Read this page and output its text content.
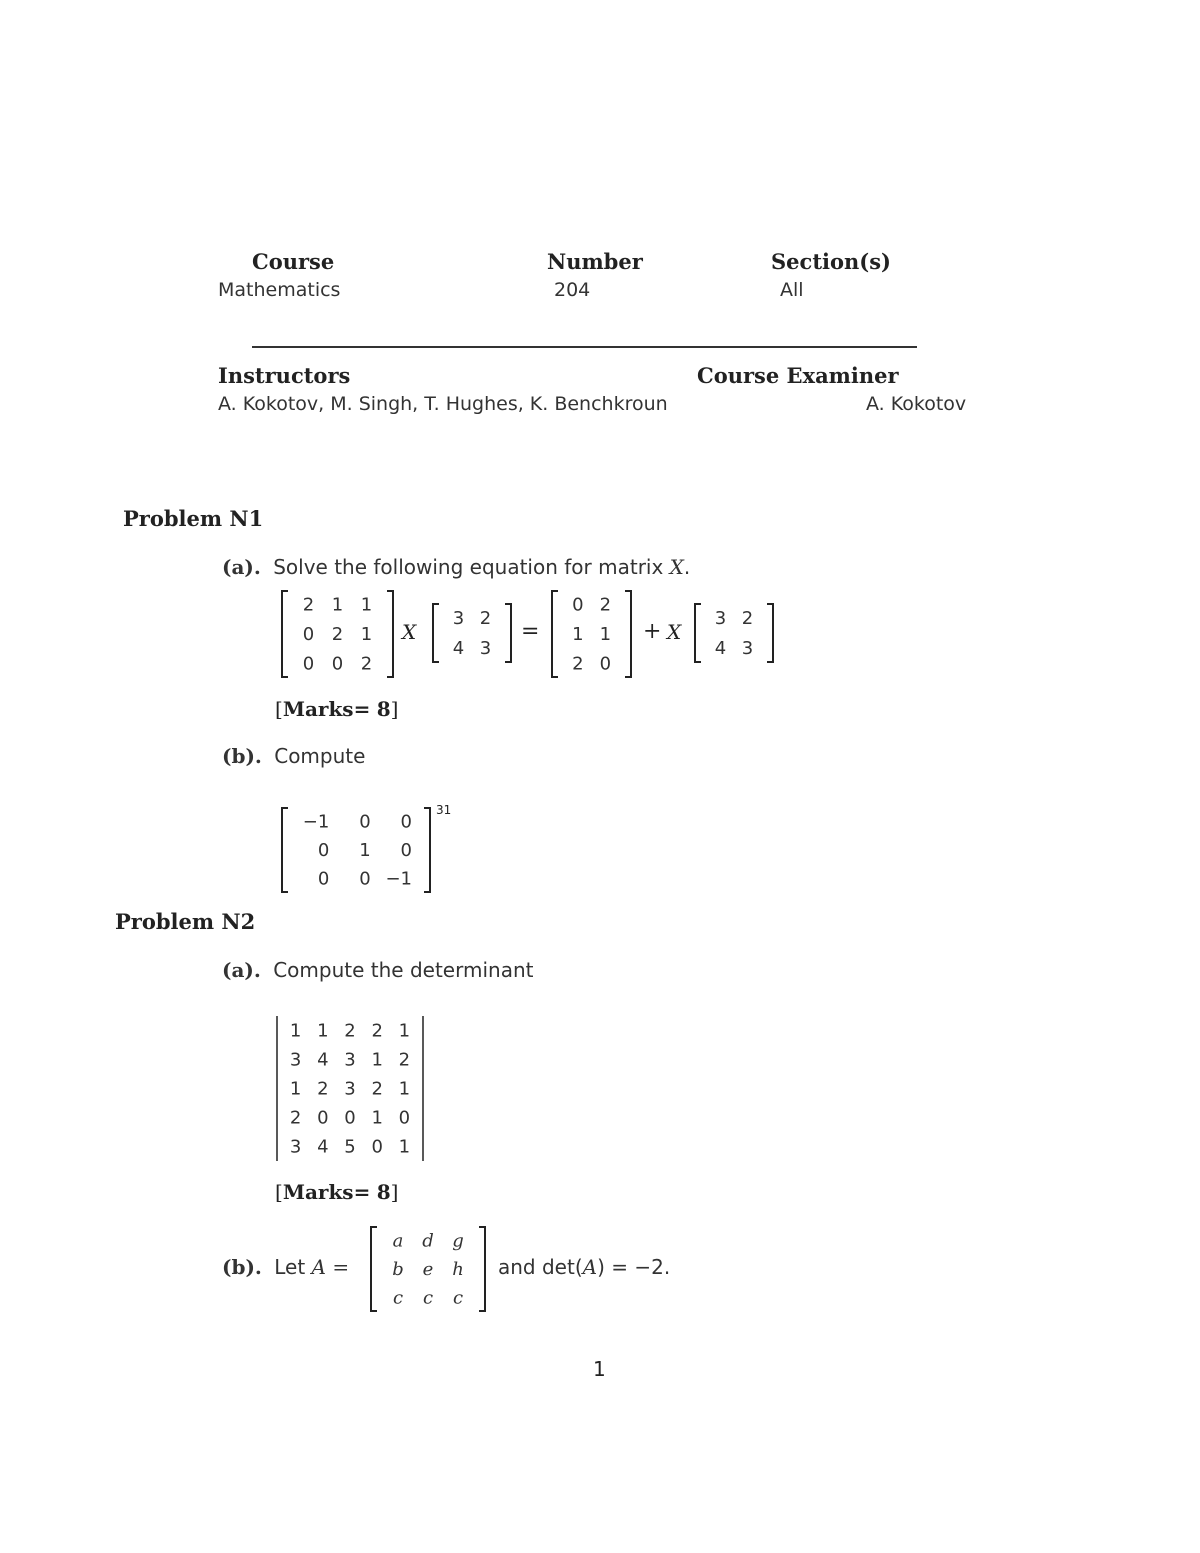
Course
Mathematics
Number
204
Section(s)
All
Instructors
A. Kokotov, M. Singh, T. Hughes, K. Benchkroun
Course Examiner
A. Kokotov
Problem N1
(a). Solve the following equation for matrix X.
2 1 1
0 2 1
0 0 2
X
3 2
4 3
=
0 2
1 1
2 0
+ X
3 2
4 3
[Marks= 8]
(b). Compute
−1 0 0
0 1 0
0 0 −1
31
Problem N2
(a). Compute the determinant
1 1 2 2 1
3 4 3 1 2
1 2 3 2 1
2 0 0 1 0
3 4 5 0 1
[Marks= 8]
(b). Let A =
a d g
b e h
c c c
and det(A) = −2.
1
